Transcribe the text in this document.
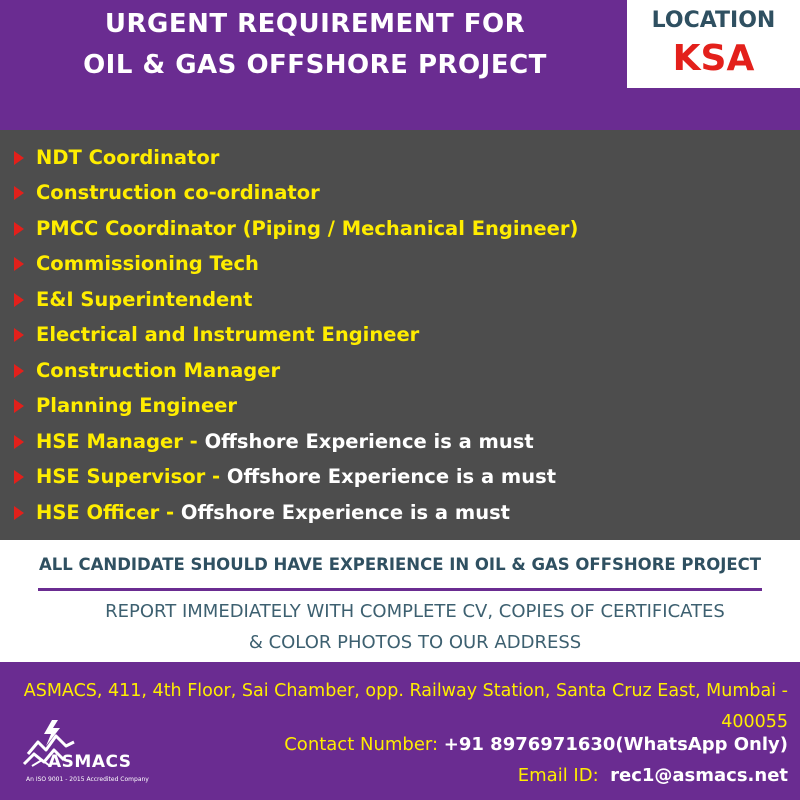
URGENT REQUIREMENT FOR
OIL & GAS OFFSHORE PROJECT
LOCATION
KSA
NDT Coordinator
Construction co-ordinator
PMCC Coordinator (Piping / Mechanical Engineer)
Commissioning Tech
E&I Superintendent
Electrical and Instrument Engineer
Construction Manager
Planning Engineer
HSE Manager - Offshore Experience is a must
HSE Supervisor - Offshore Experience is a must
HSE Officer - Offshore Experience is a must
ALL CANDIDATE SHOULD HAVE EXPERIENCE IN OIL & GAS OFFSHORE PROJECT
REPORT IMMEDIATELY WITH COMPLETE CV, COPIES OF CERTIFICATES
& COLOR PHOTOS TO OUR ADDRESS
ASMACS, 411, 4th Floor, Sai Chamber, opp. Railway Station, Santa Cruz East, Mumbai -
400055
Contact Number: +91 8976971630(WhatsApp Only)
Email ID: rec1@asmacs.net
ASMACS
An ISO 9001 - 2015 Accredited Company
